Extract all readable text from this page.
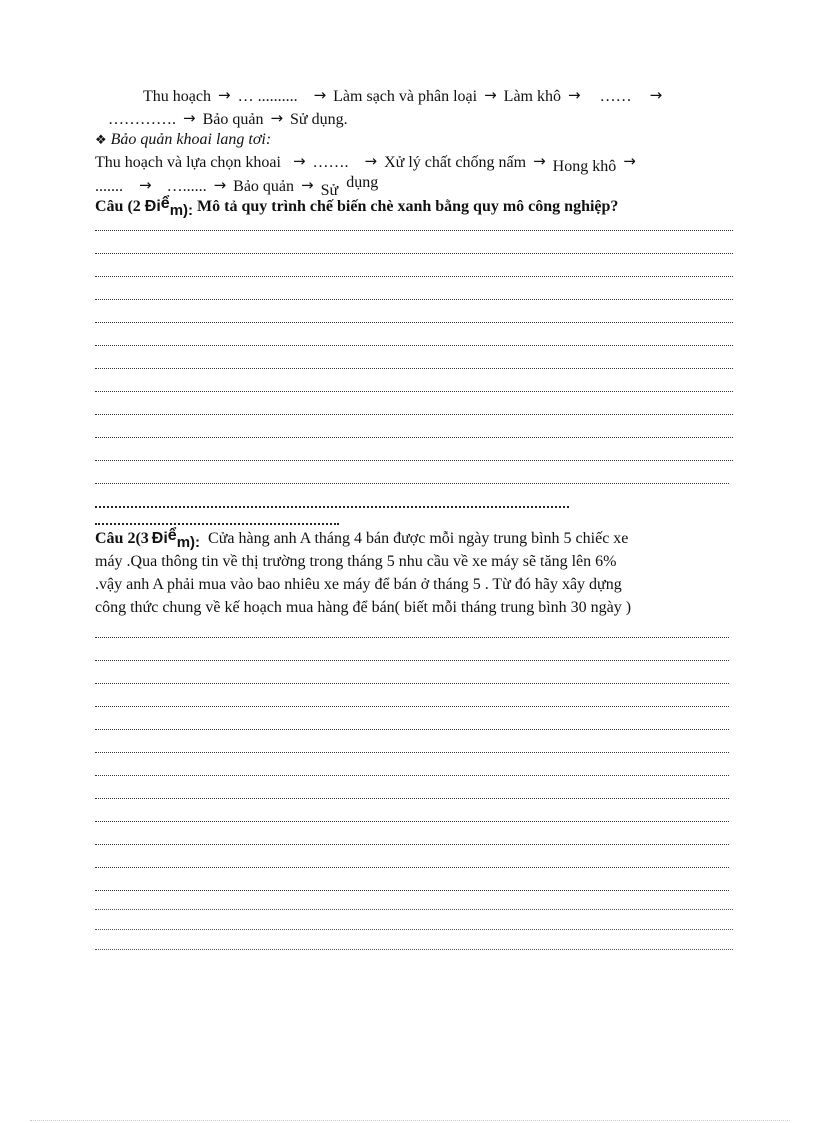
Thu hoạch → … .......... → Làm sạch và phân loại → Làm khô → …… →
…………. → Bảo quản → Sử dụng.
❖ Bảo quản khoai lang tơi:
Thu hoạch và lựa chọn khoai → ……. → Xử lý chất chống nấm → Hong khô →
....... → …...... → Bảo quản → Sử dụng
Câu (2 Điểm): Mô tả quy trình chế biến chè xanh bằng quy mô công nghiệp?
Câu 2(3 Điểm): Cửa hàng anh A tháng 4 bán được mỗi ngày trung bình 5 chiếc xe
máy .Qua thông tin về thị trường trong tháng 5 nhu cầu về xe máy sẽ tăng lên 6%
.vậy anh A phải mua vào bao nhiêu xe máy để bán ở tháng 5 . Từ đó hãy xây dựng
công thức chung về kế hoạch mua hàng để bán( biết mỗi tháng trung bình 30 ngày )
